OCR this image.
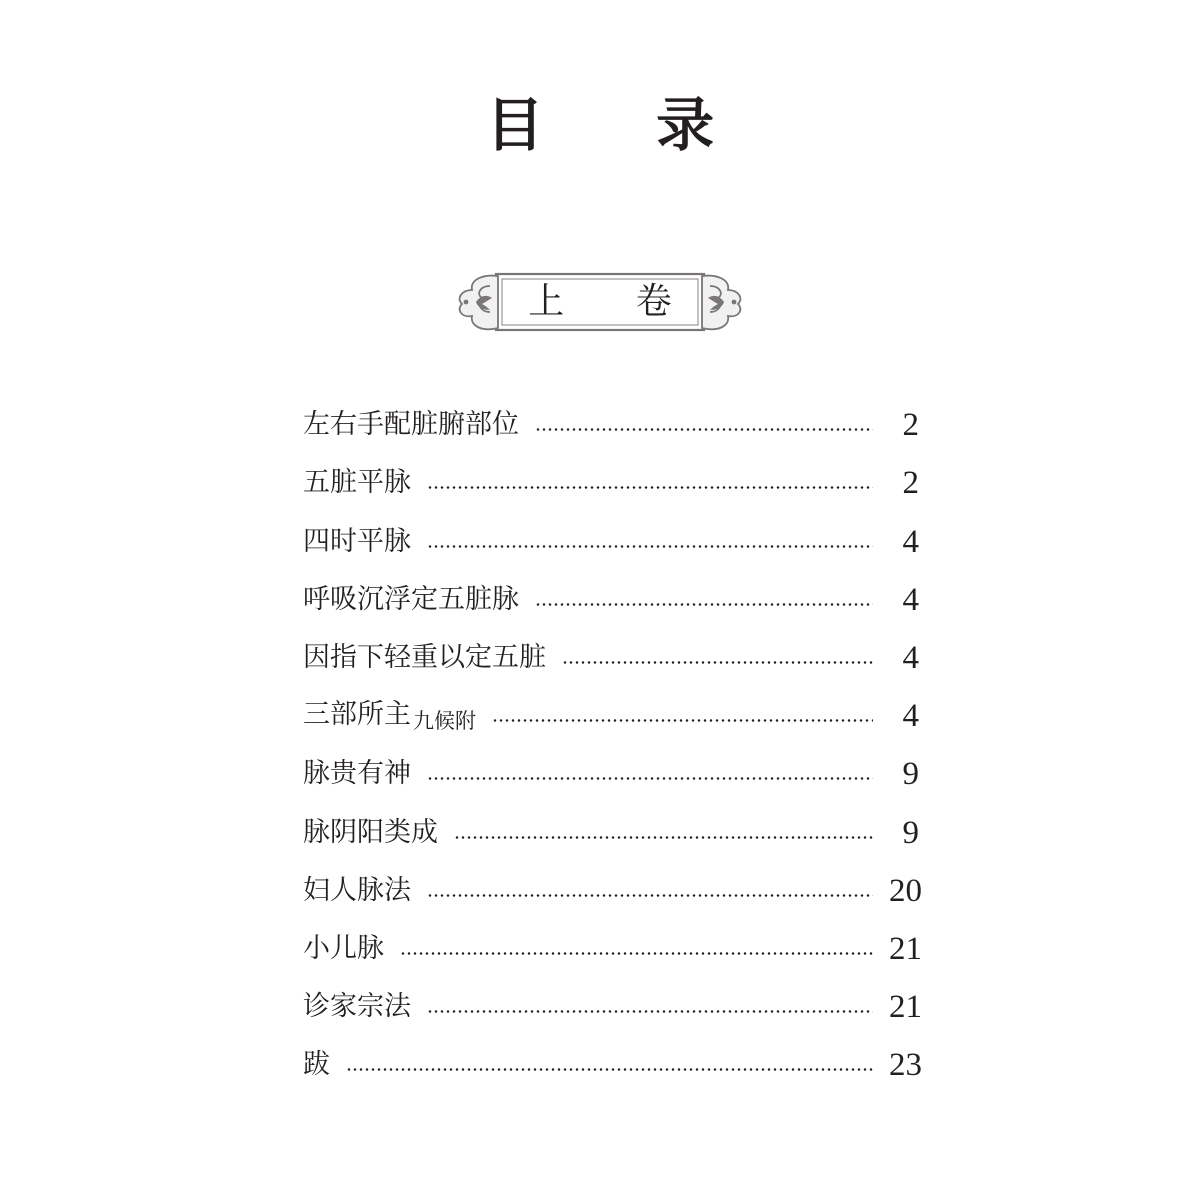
目 录
上 卷
左右手配脏腑部位	2
五脏平脉	2
四时平脉	4
呼吸沉浮定五脏脉	4
因指下轻重以定五脏	4
三部所主九候附	4
脉贵有神	9
脉阴阳类成	9
妇人脉法	20
小儿脉	21
诊家宗法	21
跋	23
